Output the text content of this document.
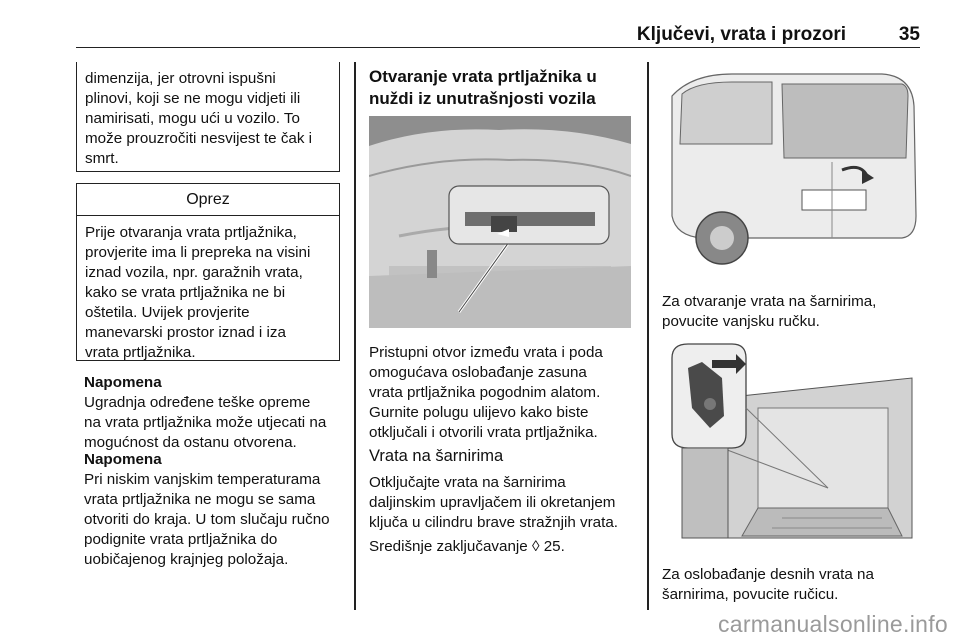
Ključevi, vrata i prozori	35
dimenzija, jer otrovni ispušni
plinovi, koji se ne mogu vidjeti ili
namirisati, mogu ući u vozilo. To
može prouzročiti nesvijest te čak i
smrt.
Oprez
Prije otvaranja vrata prtljažnika,
provjerite ima li prepreka na visini
iznad vozila, npr. garažnih vrata,
kako se vrata prtljažnika ne bi
oštetila. Uvijek provjerite
manevarski prostor iznad i iza
vrata prtljažnika.
Napomena
Ugradnja određene teške opreme
na vrata prtljažnika može utjecati na
mogućnost da ostanu otvorena.
Napomena
Pri niskim vanjskim temperaturama
vrata prtljažnika ne mogu se sama
otvoriti do kraja. U tom slučaju ručno
podignite vrata prtljažnika do
uobičajenog krajnjeg položaja.
Otvaranje vrata prtljažnika u
nuždi iz unutrašnjosti vozila
Pristupni otvor između vrata i poda
omogućava oslobađanje zasuna
vrata prtljažnika pogodnim alatom.
Gurnite polugu ulijevo kako biste
otključali i otvorili vrata prtljažnika.
Vrata na šarnirima
Otključajte vrata na šarnirima
daljinskim upravljačem ili okretanjem
ključa u cilindru brave stražnjih vrata.
Središnje zaključavanje ◊ 25.
Za otvaranje vrata na šarnirima,
povucite vanjsku ručku.
Za oslobađanje desnih vrata na
šarnirima, povucite ručicu.
carmanualsonline.info
